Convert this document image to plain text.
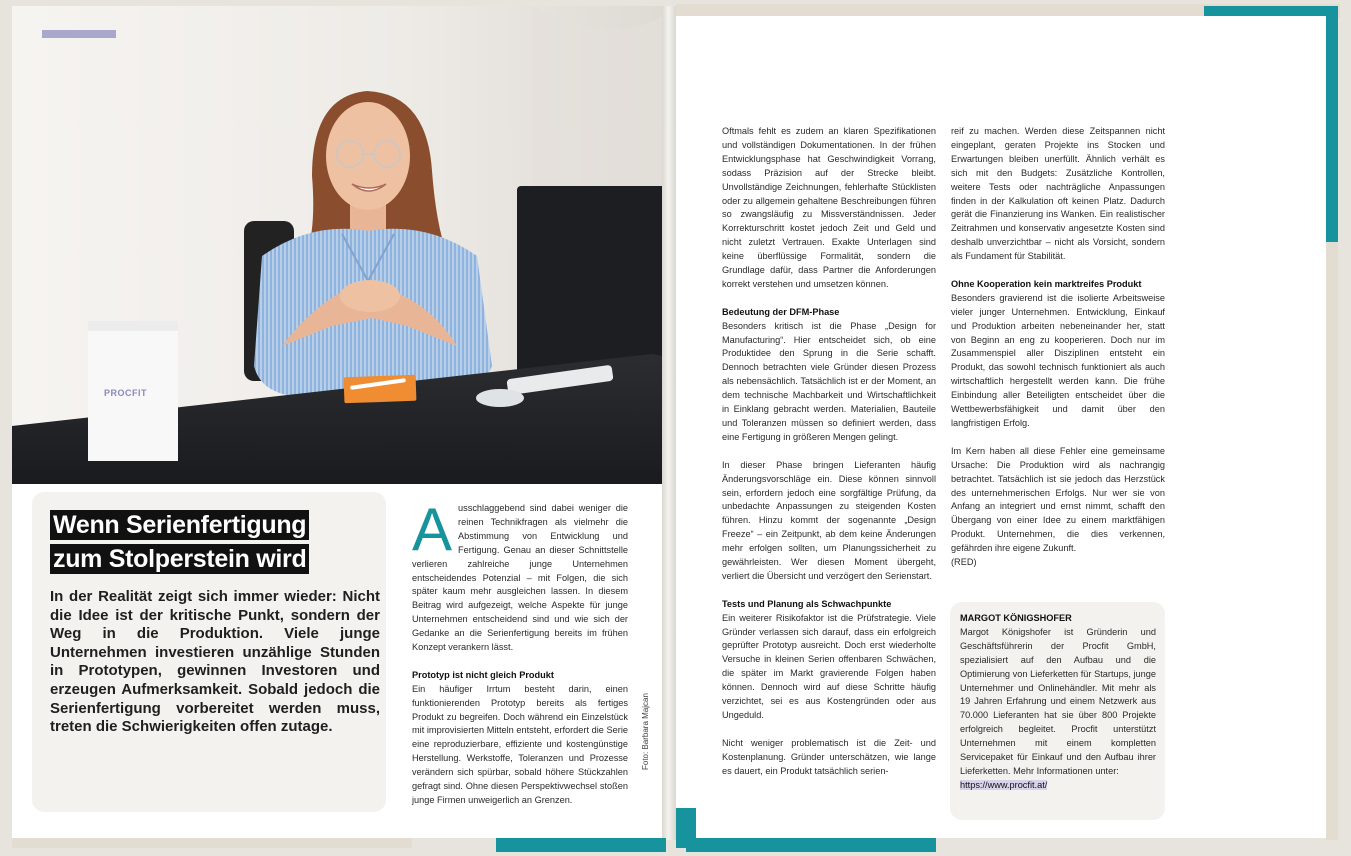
PROCFIT
Wenn Serienfertigung
zum Stolperstein wird
In der Realität zeigt sich immer wieder: Nicht die Idee ist der kritische Punkt, sondern der Weg in die Produktion. Viele junge Unternehmen investieren unzählige Stunden in Prototypen, gewinnen Investoren und erzeugen Aufmerksamkeit. Sobald jedoch die Serienfertigung vorbereitet werden muss, treten die Schwierigkeiten offen zutage.
A usschlaggebend sind dabei weniger die reinen Technikfragen als vielmehr die Abstimmung von Entwicklung und Fertigung. Genau an dieser Schnittstelle verlieren zahlreiche junge Unternehmen entscheidendes Potenzial – mit Folgen, die sich später kaum mehr ausgleichen lassen. In diesem Beitrag wird aufgezeigt, welche Aspekte für junge Unternehmen entscheidend sind und wie sich der Gedanke an die Serienfertigung bereits im frühen Konzept verankern lässt.

Prototyp ist nicht gleich Produkt

Ein häufiger Irrtum besteht darin, einen funktionierenden Prototyp bereits als fertiges Produkt zu begreifen. Doch während ein Einzelstück mit improvisierten Mitteln entsteht, erfordert die Serie eine reproduzierbare, effiziente und kostengünstige Herstellung. Werkstoffe, Toleranzen und Prozesse verändern sich spürbar, sobald höhere Stückzahlen gefragt sind. Ohne diesen Perspektivwechsel stoßen junge Firmen unweigerlich an Grenzen.

Foto: Barbara Majcan

Oftmals fehlt es zudem an klaren Spezifikationen und vollständigen Dokumentationen. In der frühen Entwicklungsphase hat Geschwindigkeit Vorrang, sodass Präzision auf der Strecke bleibt. Unvollständige Zeichnungen, fehlerhafte Stücklisten oder zu allgemein gehaltene Beschreibungen führen so zwangsläufig zu Missverständnissen. Jeder Korrekturschritt kostet jedoch Zeit und Geld und nicht zuletzt Vertrauen. Exakte Unterlagen sind keine überflüssige Formalität, sondern die Grundlage dafür, dass Partner die Anforderungen korrekt verstehen und umsetzen können.

Bedeutung der DFM-Phase

Besonders kritisch ist die Phase „Design for Manufacturing“. Hier entscheidet sich, ob eine Produktidee den Sprung in die Serie schafft. Dennoch betrachten viele Gründer diesen Prozess als nebensächlich. Tatsächlich ist er der Moment, an dem technische Machbarkeit und Wirtschaftlichkeit in Einklang gebracht werden. Materialien, Bauteile und Toleranzen müssen so definiert werden, dass eine Fertigung in größeren Mengen gelingt.

In dieser Phase bringen Lieferanten häufig Änderungsvorschläge ein. Diese können sinnvoll sein, erfordern jedoch eine sorgfältige Prüfung, da unbedachte Anpassungen zu steigenden Kosten führen. Hinzu kommt der sogenannte „Design Freeze“ – ein Zeitpunkt, ab dem keine Änderungen mehr erfolgen sollten, um Planungssicherheit zu gewährleisten. Wer diesen Moment übergeht, verliert die Übersicht und verzögert den Serienstart.

Tests und Planung als Schwachpunkte

Ein weiterer Risikofaktor ist die Prüfstrategie. Viele Gründer verlassen sich darauf, dass ein erfolgreich geprüfter Prototyp ausreicht. Doch erst wiederholte Versuche in kleinen Serien offenbaren Schwächen, die später im Markt gravierende Folgen haben können. Dennoch wird auf diese Schritte häufig verzichtet, sei es aus Kostengründen oder aus Ungeduld.

Nicht weniger problematisch ist die Zeit- und Kostenplanung. Gründer unterschätzen, wie lange es dauert, ein Produkt tatsächlich serien-

reif zu machen. Werden diese Zeitspannen nicht eingeplant, geraten Projekte ins Stocken und Erwartungen bleiben unerfüllt. Ähnlich verhält es sich mit den Budgets: Zusätzliche Kontrollen, weitere Tests oder nachträgliche Anpassungen finden in der Kalkulation oft keinen Platz. Dadurch gerät die Finanzierung ins Wanken. Ein realistischer Zeitrahmen und konservativ angesetzte Kosten sind deshalb unverzichtbar – nicht als Vorsicht, sondern als Fundament für Stabilität.

Ohne Kooperation kein marktreifes Produkt

Besonders gravierend ist die isolierte Arbeitsweise vieler junger Unternehmen. Entwicklung, Einkauf und Produktion arbeiten nebeneinander her, statt von Beginn an eng zu kooperieren. Doch nur im Zusammenspiel aller Disziplinen entsteht ein Produkt, das sowohl technisch funktioniert als auch wirtschaftlich hergestellt werden kann. Die frühe Einbindung aller Beteiligten entscheidet über die Wettbewerbsfähigkeit und damit über den langfristigen Erfolg.

Im Kern haben all diese Fehler eine gemeinsame Ursache: Die Produktion wird als nachrangig betrachtet. Tatsächlich ist sie jedoch das Herzstück des unternehmerischen Erfolgs. Nur wer sie von Anfang an integriert und ernst nimmt, schafft den Übergang von einer Idee zu einem marktfähigen Produkt. Unternehmen, die dies verkennen, gefährden ihre eigene Zukunft.

(RED)

MARGOT KÖNIGSHOFER
Margot Königshofer ist Gründerin und Geschäftsführerin der Procfit GmbH, spezialisiert auf den Aufbau und die Optimierung von Lieferketten für Startups, junge Unternehmer und Onlinehändler. Mit mehr als 19 Jahren Erfahrung und einem Netzwerk aus 70.000 Lieferanten hat sie über 800 Projekte erfolgreich begleitet. Procfit unterstützt Unternehmen mit einem kompletten Servicepaket für Einkauf und den Aufbau ihrer Lieferketten. Mehr Informationen unter:
https://www.procfit.at/
